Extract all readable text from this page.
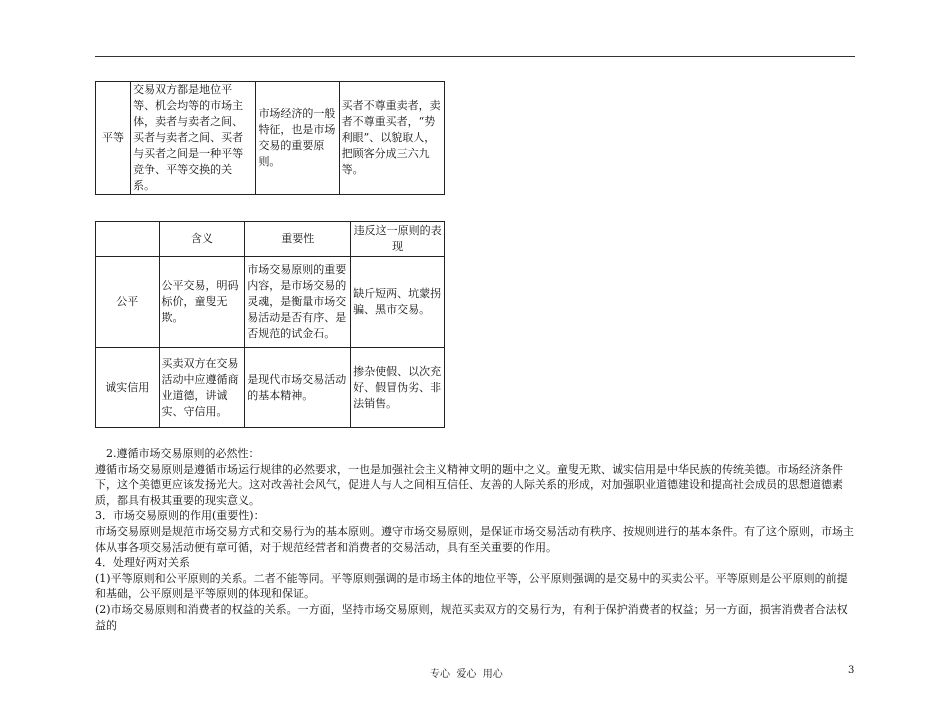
平等	交易双方都是地位平等、机会均等的市场主体，卖者与卖者之间、买者与卖者之间、买者与买者之间是一种平等竞争、平等交换的关系。	市场经济的一般特征，也是市场交易的重要原则。	买者不尊重卖者，卖者不尊重买者，“势利眼”、以貌取人，把顾客分成三六九等。
	含义	重要性	违反这一原则的表现
公平	公平交易，明码标价，童叟无欺。	市场交易原则的重要内容，是市场交易的灵魂，是衡量市场交易活动是否有序、是否规范的试金石。	缺斤短两、坑蒙拐骗、黑市交易。
诚实信用	买卖双方在交易活动中应遵循商业道德，讲诚实、守信用。	是现代市场交易活动的基本精神。	掺杂使假、以次充好、假冒伪劣、非法销售。

2.遵循市场交易原则的必然性：

遵循市场交易原则是遵循市场运行规律的必然要求，一也是加强社会主义精神文明的题中之义。童叟无欺、诚实信用是中华民族的传统美德。市场经济条件下，这个美德更应该发扬光大。这对改善社会风气，促进人与人之间相互信任、友善的人际关系的形成，对加强职业道德建设和提高社会成员的思想道德素质，都具有极其重要的现实意义。

3．市场交易原则的作用(重要性)：

市场交易原则是规范市场交易方式和交易行为的基本原则。遵守市场交易原则，是保证市场交易活动有秩序、按规则进行的基本条件。有了这个原则，市场主体从事各项交易活动便有章可循，对于规范经营者和消费者的交易活动，具有至关重要的作用。

4．处理好两对关系

(1)平等原则和公平原则的关系。二者不能等同。平等原则强调的是市场主体的地位平等，公平原则强调的是交易中的买卖公平。平等原则是公平原则的前提和基础，公平原则是平等原则的体现和保证。

(2)市场交易原则和消费者的权益的关系。一方面，坚持市场交易原则，规范买卖双方的交易行为，有利于保护消费者的权益；另一方面，损害消费者合法权益的

专心  爱心  用心	3
